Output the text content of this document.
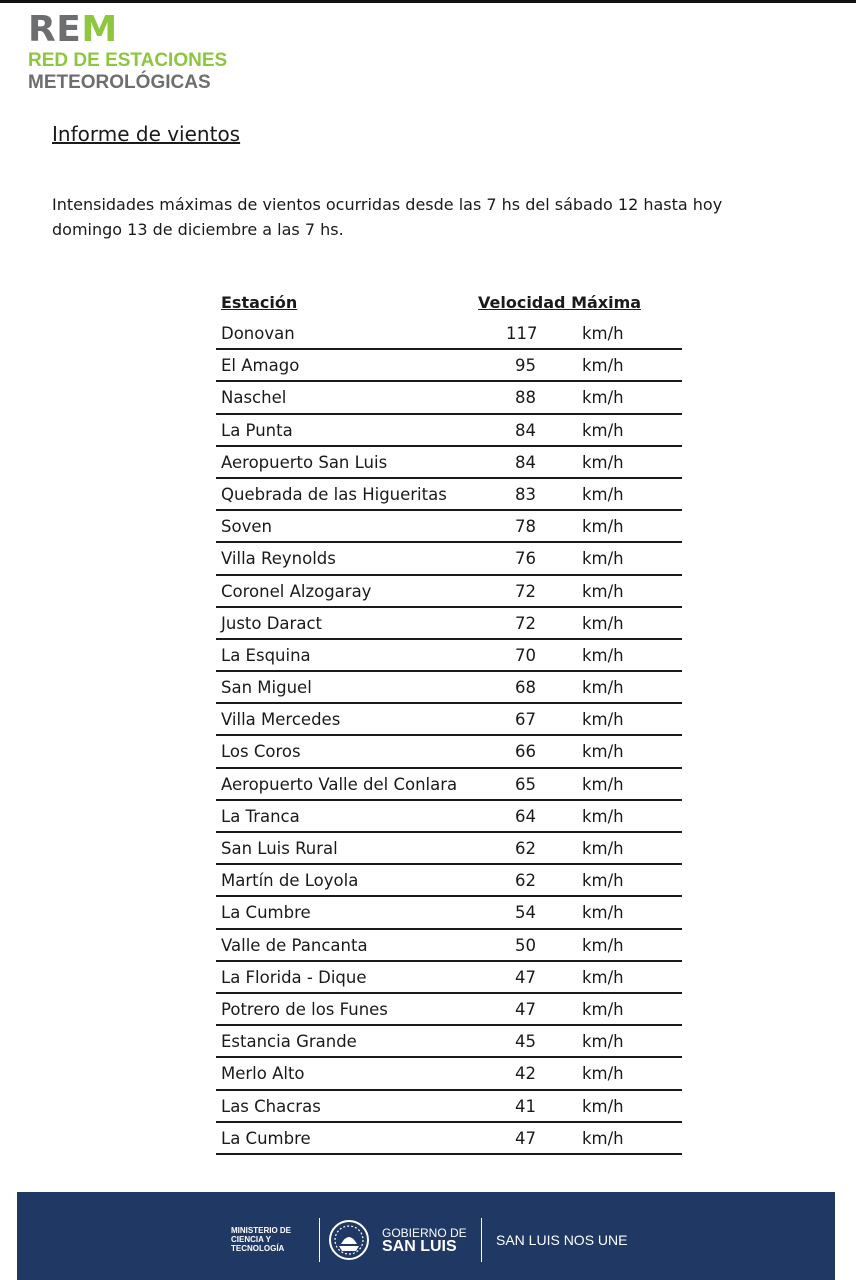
REM
RED DE ESTACIONES
METEOROLÓGICAS
Informe de vientos
Intensidades máximas de vientos ocurridas desde las 7 hs del sábado 12 hasta hoy domingo 13 de diciembre a las 7 hs.
Estación	Velocidad Máxima
Donovan	117	km/h
El Amago	95	km/h
Naschel	88	km/h
La Punta	84	km/h
Aeropuerto San Luis	84	km/h
Quebrada de las Higueritas	83	km/h
Soven	78	km/h
Villa Reynolds	76	km/h
Coronel Alzogaray	72	km/h
Justo Daract	72	km/h
La Esquina	70	km/h
San Miguel	68	km/h
Villa Mercedes	67	km/h
Los Coros	66	km/h
Aeropuerto Valle del Conlara	65	km/h
La Tranca	64	km/h
San Luis Rural	62	km/h
Martín de Loyola	62	km/h
La Cumbre	54	km/h
Valle de Pancanta	50	km/h
La Florida - Dique	47	km/h
Potrero de los Funes	47	km/h
Estancia Grande	45	km/h
Merlo Alto	42	km/h
Las Chacras	41	km/h
La Cumbre	47	km/h
MINISTERIO DE CIENCIA Y TECNOLOGÍA
GOBIERNO DE
SAN LUIS	SAN LUIS NOS UNE
